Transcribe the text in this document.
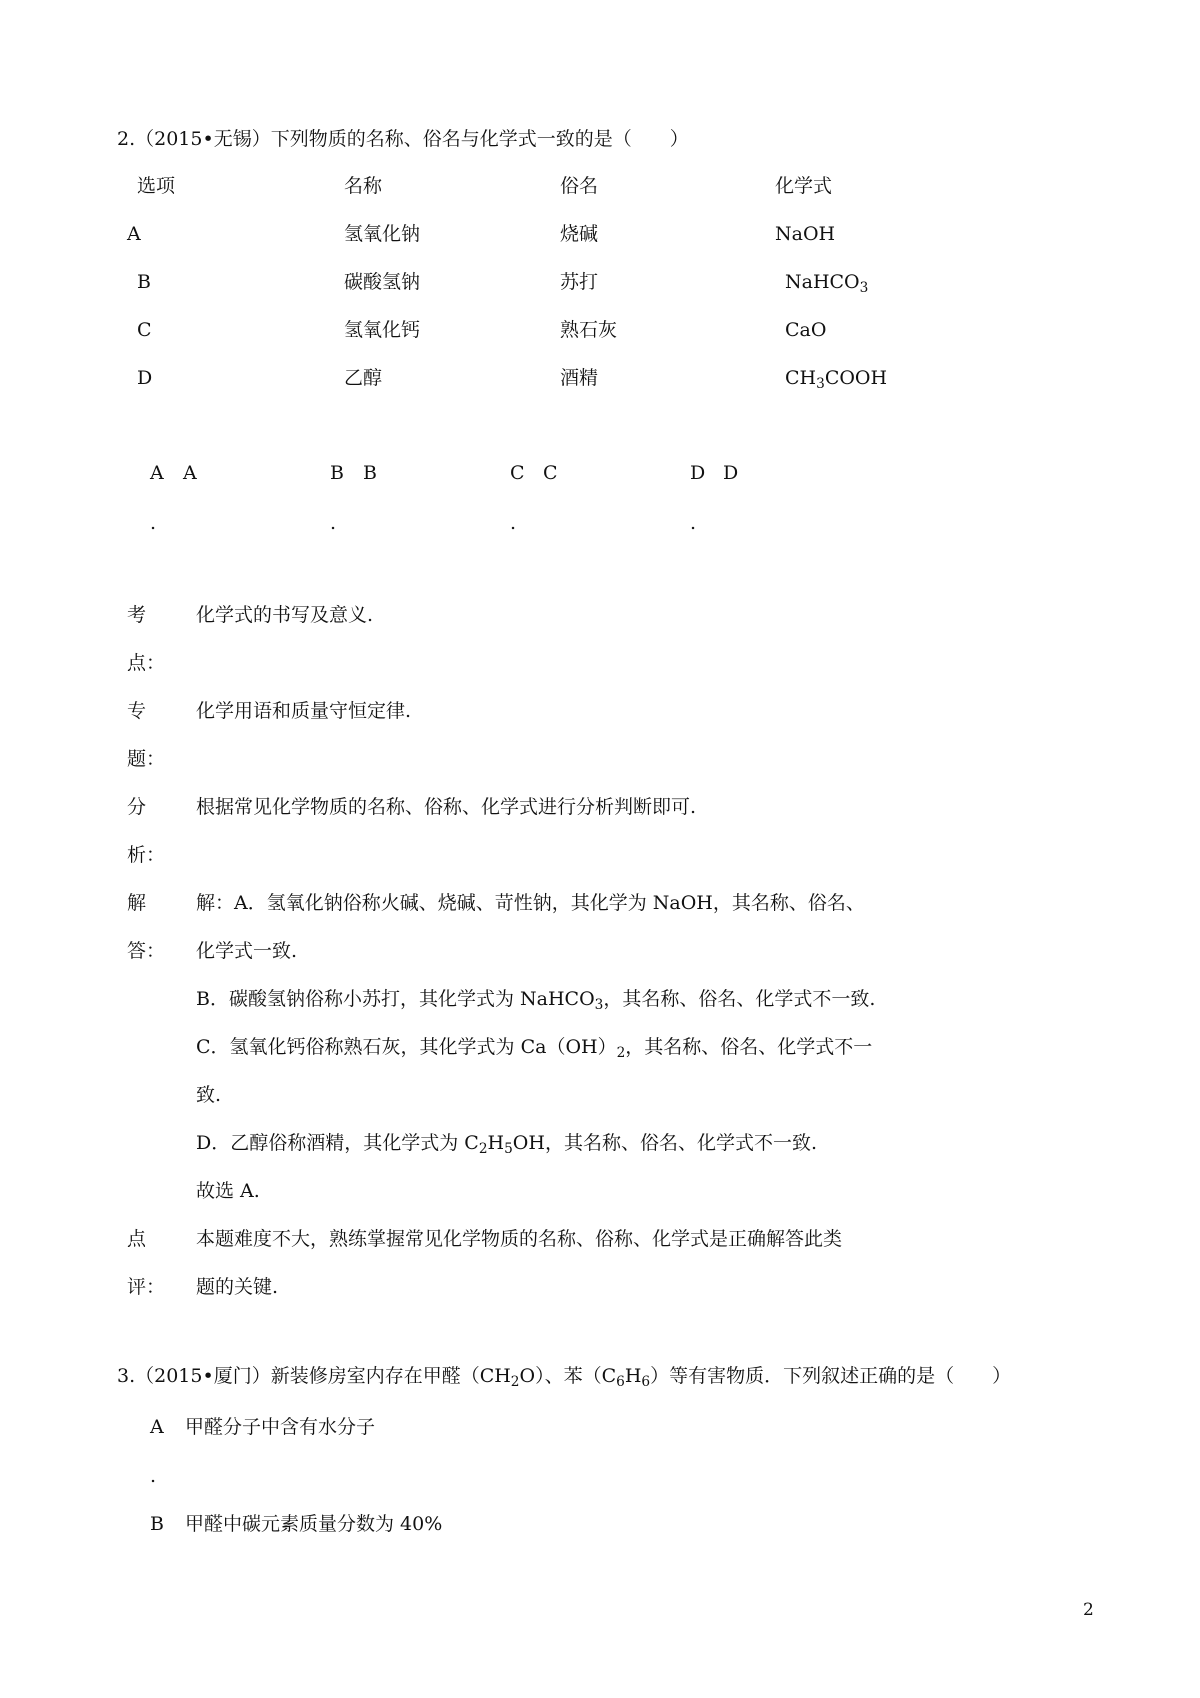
2.（2015•无锡）下列物质的名称、俗名与化学式一致的是（　　）
选项	名称	俗名	化学式
A	氢氧化钠	烧碱	NaOH
B	碳酸氢钠	苏打	NaHCO$_3$
C	氢氧化钙	熟石灰	CaO
D	乙醇	酒精	$CH_3COOH$
A
.
A	B
.
B	C
.
C	D
.
D
考
点：
化学式的书写及意义.
专
题：
化学用语和质量守恒定律.
分
析：
根据常见化学物质的名称、俗称、化学式进行分析判断即可.
解
答：
解：A．氢氧化钠俗称火碱、烧碱、苛性钠，其化学为 NaOH，其名称、俗名、
化学式一致.
B．碳酸氢钠俗称小苏打，其化学式为 NaHCO$_3$，其名称、俗名、化学式不一致.
C．氢氧化钙俗称熟石灰，其化学式为 $Ca(OH)_2$，其名称、俗名、化学式不一
致.
D．乙醇俗称酒精，其化学式为 $C_2H_5OH$，其名称、俗名、化学式不一致.
故选 A.
点
评：
本题难度不大，熟练掌握常见化学物质的名称、俗称、化学式是正确解答此类
题的关键.
3.（2015•厦门）新装修房室内存在甲醛$(CH_2O)$、苯$(C_6H_6)$等有害物质．下列叙述正确的是（　　）
A
.
甲醛分子中含有水分子
B 甲醛中碳元素质量分数为 40%
2
